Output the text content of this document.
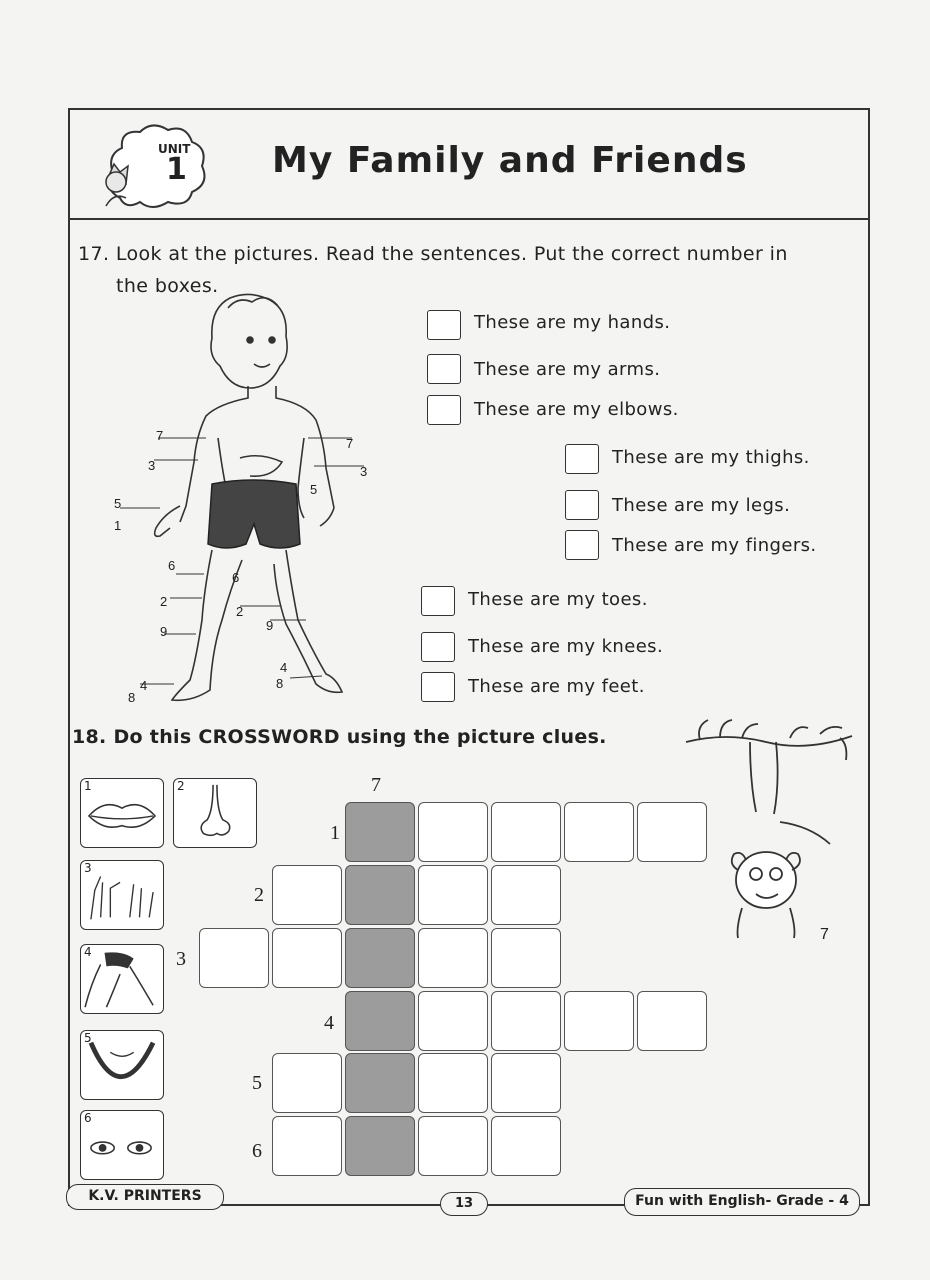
UNIT
1 My Family and Friends
17. Look at the pictures. Read the sentences. Put the correct number in
the boxes.
7
3
5
1
6
2
9
8
4
7
3
5
6
2
9
4
8
These are my hands.
These are my arms.
These are my elbows.
These are my thighs.
These are my legs.
These are my fingers.
These are my toes.
These are my knees.
These are my feet.
18. Do this CROSSWORD using the picture clues.
7
1	2
3
4
5
6
7
1
2
3
4
5
6
K.V. PRINTERS	13	Fun with English- Grade - 4
